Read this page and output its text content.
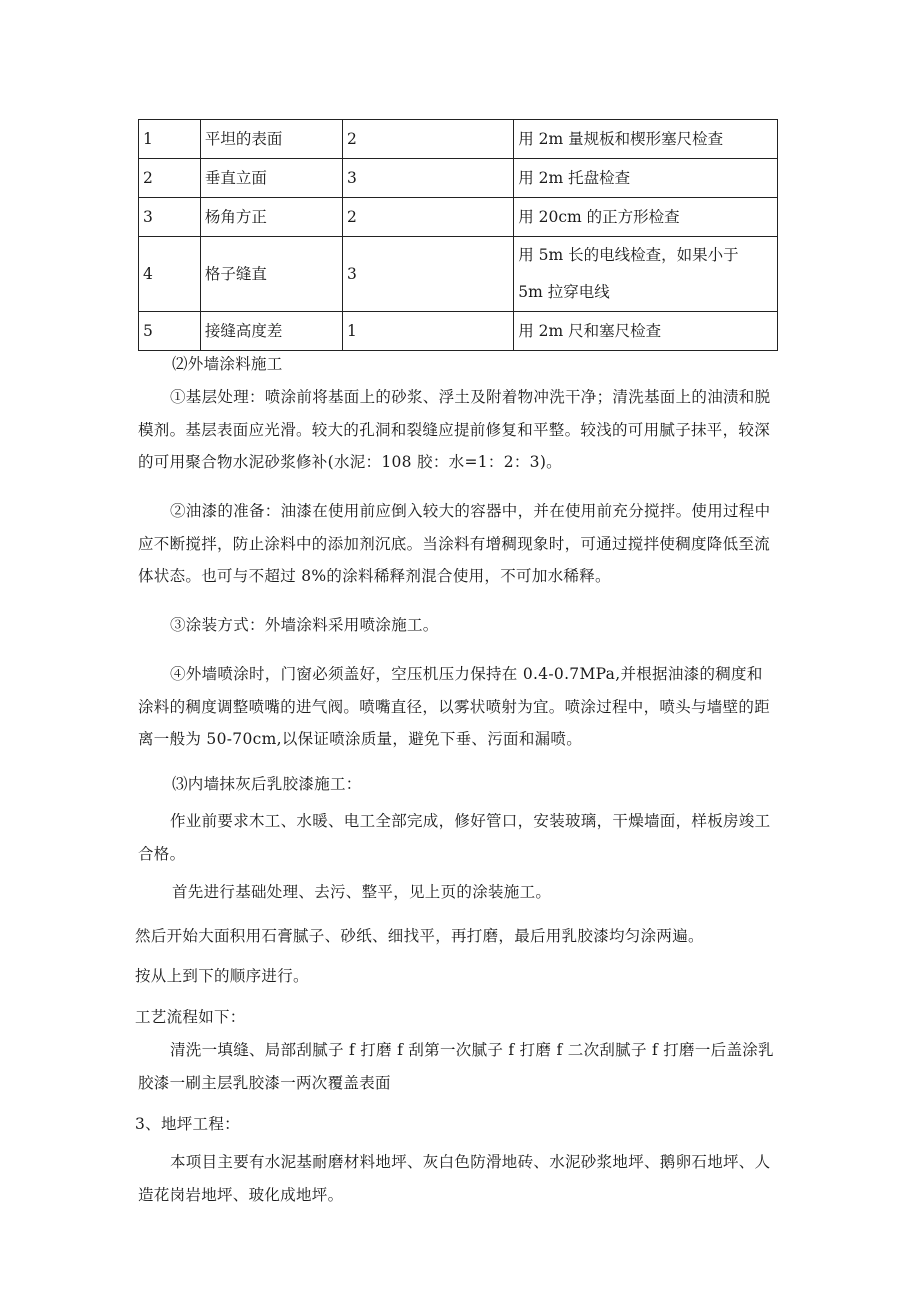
1	平坦的表面	2	用 2m 量规板和楔形塞尺检查
2	垂直立面	3	用 2m 托盘检查
3	杨角方正	2	用 20cm 的正方形检查
4	格子缝直	3	用 5m 长的电线检查，如果小于
5m 拉穿电线

5	接缝高度差	1	用 2m 尺和塞尺检查
⑵外墙涂料施工
①基层处理：喷涂前将基面上的砂浆、浮土及附着物冲洗干净；清洗基面上的油渍和脱模剂。基层表面应光滑。较大的孔洞和裂缝应提前修复和平整。较浅的可用腻子抹平，较深的可用聚合物水泥砂浆修补(水泥：108 胶：水=1：2：3)。
②油漆的准备：油漆在使用前应倒入较大的容器中，并在使用前充分搅拌。使用过程中应不断搅拌，防止涂料中的添加剂沉底。当涂料有增稠现象时，可通过搅拌使稠度降低至流体状态。也可与不超过 8%的涂料稀释剂混合使用，不可加水稀释。
③涂装方式：外墙涂料采用喷涂施工。
④外墙喷涂时，门窗必须盖好，空压机压力保持在 0.4-0.7MPa,并根据油漆的稠度和涂料的稠度调整喷嘴的进气阀。喷嘴直径，以雾状喷射为宜。喷涂过程中，喷头与墙壁的距离一般为 50-70cm,以保证喷涂质量，避免下垂、污面和漏喷。
⑶内墙抹灰后乳胶漆施工：
作业前要求木工、水暖、电工全部完成，修好管口，安装玻璃，干燥墙面，样板房竣工合格。
首先进行基础处理、去污、整平，见上页的涂装施工。
然后开始大面积用石膏腻子、砂纸、细找平，再打磨，最后用乳胶漆均匀涂两遍。
按从上到下的顺序进行。
工艺流程如下：
清洗一填缝、局部刮腻子 f 打磨 f 刮第一次腻子 f 打磨 f 二次刮腻子 f 打磨一后盖涂乳胶漆一刷主层乳胶漆一两次覆盖表面
3、地坪工程：
本项目主要有水泥基耐磨材料地坪、灰白色防滑地砖、水泥砂浆地坪、鹅卵石地坪、人造花岗岩地坪、玻化成地坪。
